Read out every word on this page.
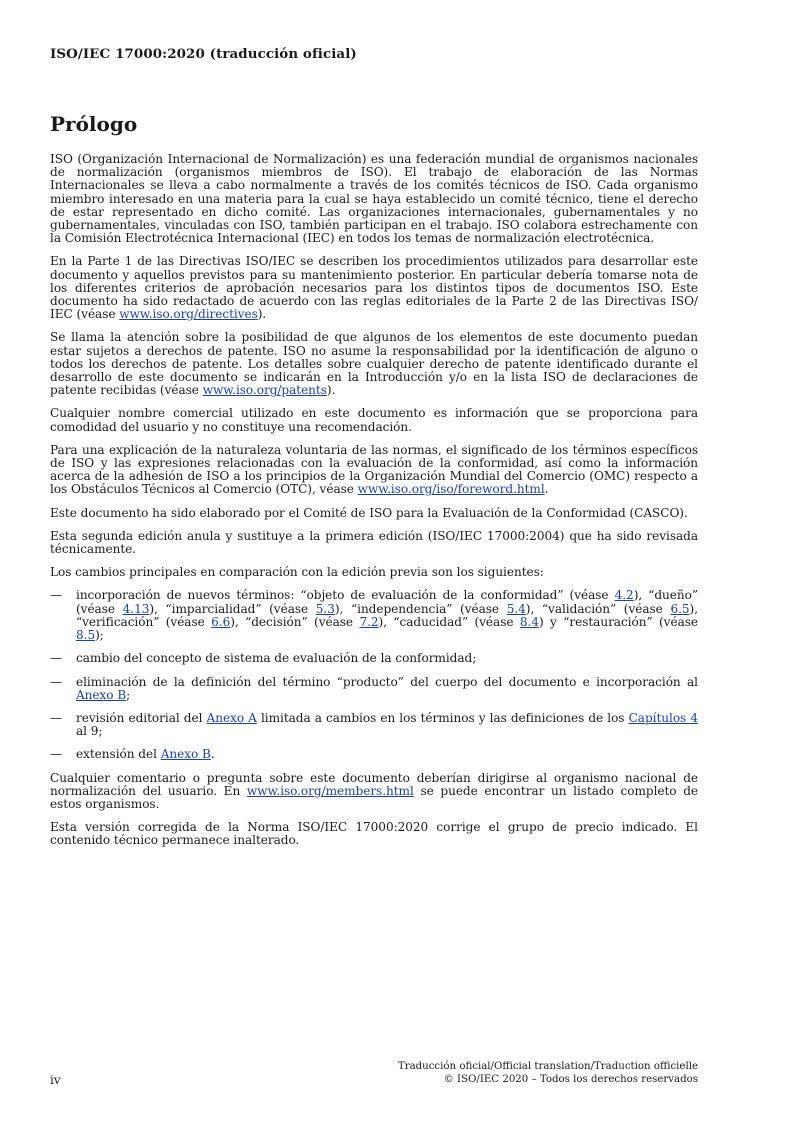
ISO/IEC 17000:2020 (traducción oficial)
Prólogo

ISO (Organización Internacional de Normalización) es una federación mundial de organismos nacionales de normalización (organismos miembros de ISO). El trabajo de elaboración de las Normas Internacionales se lleva a cabo normalmente a través de los comités técnicos de ISO. Cada organismo miembro interesado en una materia para la cual se haya establecido un comité técnico, tiene el derecho de estar representado en dicho comité. Las organizaciones internacionales, gubernamentales y no gubernamentales, vinculadas con ISO, también participan en el trabajo. ISO colabora estrechamente con la Comisión Electrotécnica Internacional (IEC) en todos los temas de normalización electrotécnica.

En la Parte 1 de las Directivas ISO/IEC se describen los procedimientos utilizados para desarrollar este documento y aquellos previstos para su mantenimiento posterior. En particular debería tomarse nota de los diferentes criterios de aprobación necesarios para los distintos tipos de documentos ISO. Este documento ha sido redactado de acuerdo con las reglas editoriales de la Parte 2 de las Directivas ISO/ IEC (véase www.iso.org/directives).

Se llama la atención sobre la posibilidad de que algunos de los elementos de este documento puedan estar sujetos a derechos de patente. ISO no asume la responsabilidad por la identificación de alguno o todos los derechos de patente. Los detalles sobre cualquier derecho de patente identificado durante el desarrollo de este documento se indicarán en la Introducción y/o en la lista ISO de declaraciones de patente recibidas (véase www.iso.org/patents).

Cualquier nombre comercial utilizado en este documento es información que se proporciona para comodidad del usuario y no constituye una recomendación.

Para una explicación de la naturaleza voluntaria de las normas, el significado de los términos específicos de ISO y las expresiones relacionadas con la evaluación de la conformidad, así como la información acerca de la adhesión de ISO a los principios de la Organización Mundial del Comercio (OMC) respecto a los Obstáculos Técnicos al Comercio (OTC), véase www.iso.org/iso/foreword.html.

Este documento ha sido elaborado por el Comité de ISO para la Evaluación de la Conformidad (CASCO).

Esta segunda edición anula y sustituye a la primera edición (ISO/IEC 17000:2004) que ha sido revisada técnicamente.

Los cambios principales en comparación con la edición previa son los siguientes:

—	incorporación de nuevos términos: “objeto de evaluación de la conformidad” (véase 4.2), “dueño” (véase 4.13), “imparcialidad” (véase 5.3), “independencia” (véase 5.4), “validación” (véase 6.5), “verificación” (véase 6.6), “decisión” (véase 7.2), “caducidad” (véase 8.4) y “restauración” (véase 8.5);
—	cambio del concepto de sistema de evaluación de la conformidad;
—	eliminación de la definición del término “producto” del cuerpo del documento e incorporación al Anexo B;
—	revisión editorial del Anexo A limitada a cambios en los términos y las definiciones de los Capítulos 4 al 9;
—	extensión del Anexo B.

Cualquier comentario o pregunta sobre este documento deberían dirigirse al organismo nacional de normalización del usuario. En www.iso.org/members.html se puede encontrar un listado completo de estos organismos.

Esta versión corregida de la Norma ISO/IEC 17000:2020 corrige el grupo de precio indicado. El contenido técnico permanece inalterado.

Traducción oficial/Official translation/Traduction officielle
© ISO/IEC 2020 – Todos los derechos reservados
iv
